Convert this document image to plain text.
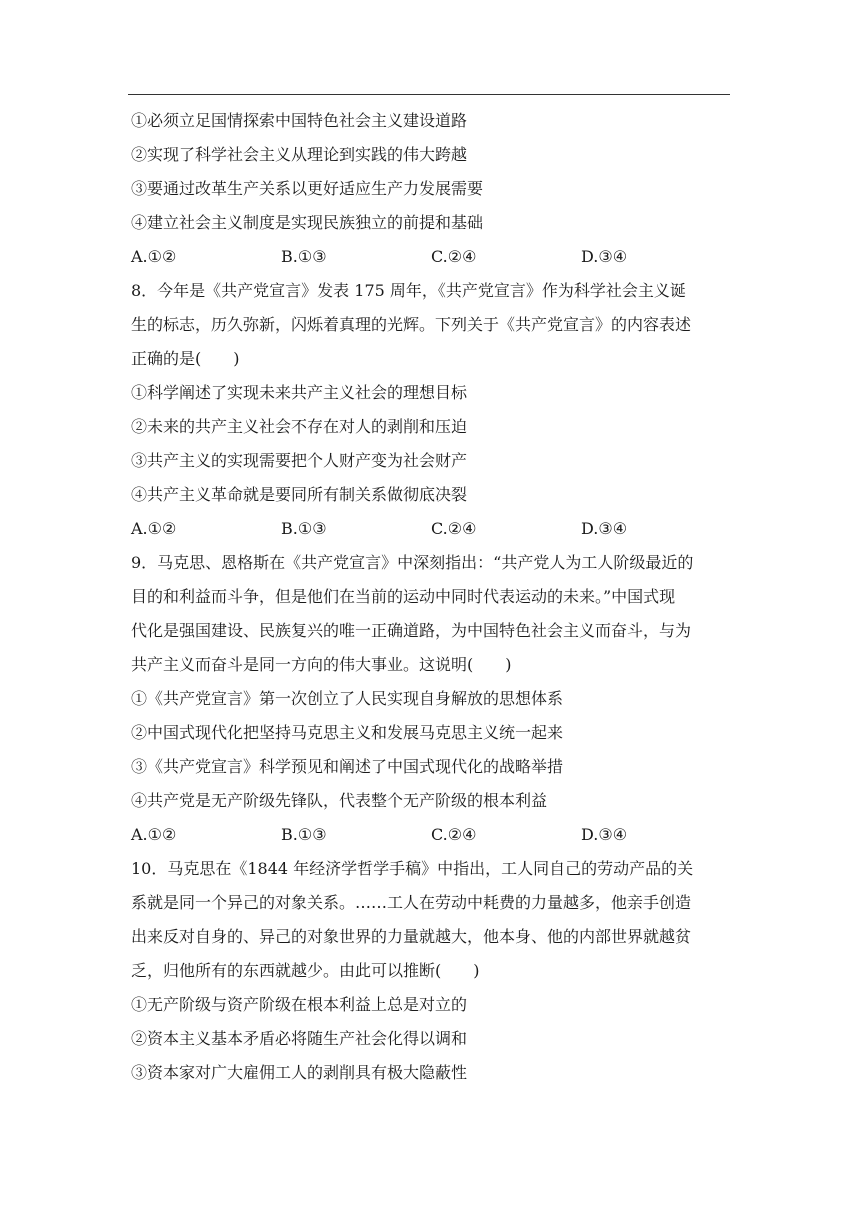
①必须立足国情探索中国特色社会主义建设道路
②实现了科学社会主义从理论到实践的伟大跨越
③要通过改革生产关系以更好适应生产力发展需要
④建立社会主义制度是实现民族独立的前提和基础
A.①②	B.①③	C.②④	D.③④
8．今年是《共产党宣言》发表 175 周年，《共产党宣言》作为科学社会主义诞
生的标志，历久弥新，闪烁着真理的光辉。下列关于《共产党宣言》的内容表述
正确的是(　　)
①科学阐述了实现未来共产主义社会的理想目标
②未来的共产主义社会不存在对人的剥削和压迫
③共产主义的实现需要把个人财产变为社会财产
④共产主义革命就是要同所有制关系做彻底决裂
A.①②	B.①③	C.②④	D.③④
9．马克思、恩格斯在《共产党宣言》中深刻指出：“共产党人为工人阶级最近的
目的和利益而斗争，但是他们在当前的运动中同时代表运动的未来。”中国式现
代化是强国建设、民族复兴的唯一正确道路，为中国特色社会主义而奋斗，与为
共产主义而奋斗是同一方向的伟大事业。这说明(　　)
①《共产党宣言》第一次创立了人民实现自身解放的思想体系
②中国式现代化把坚持马克思主义和发展马克思主义统一起来
③《共产党宣言》科学预见和阐述了中国式现代化的战略举措
④共产党是无产阶级先锋队，代表整个无产阶级的根本利益
A.①②	B.①③	C.②④	D.③④
10．马克思在《1844 年经济学哲学手稿》中指出，工人同自己的劳动产品的关
系就是同一个异己的对象关系。……工人在劳动中耗费的力量越多，他亲手创造
出来反对自身的、异己的对象世界的力量就越大，他本身、他的内部世界就越贫
乏，归他所有的东西就越少。由此可以推断(　　)
①无产阶级与资产阶级在根本利益上总是对立的
②资本主义基本矛盾必将随生产社会化得以调和
③资本家对广大雇佣工人的剥削具有极大隐蔽性
